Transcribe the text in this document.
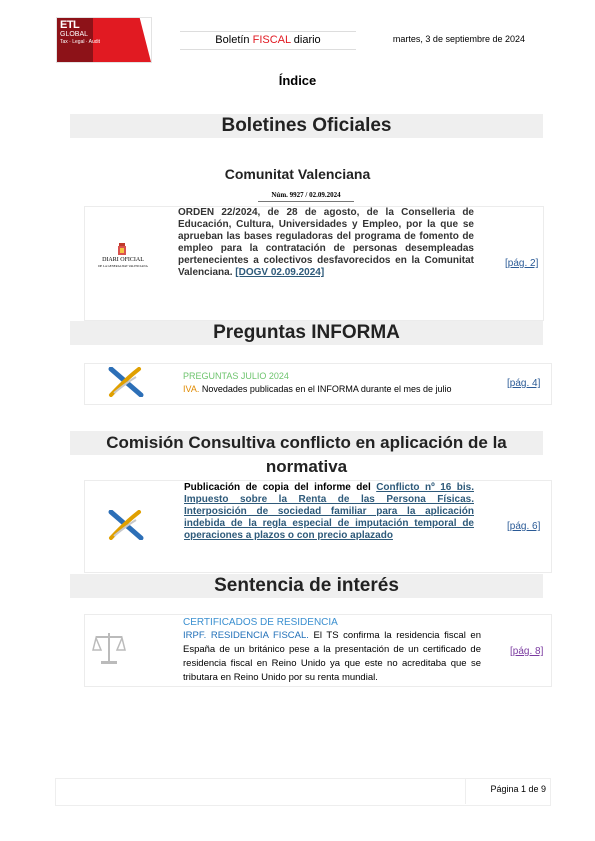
ETL
GLOBAL
Tax · Legal · Audit	Boletín FISCAL diario	martes, 3 de septiembre de 2024
Índice
Boletines Oficiales
Comunitat Valenciana
Núm. 9927 / 02.09.2024
DIARI OFICIAL
DE LA GENERALITAT VALENCIANA
ORDEN 22/2024, de 28 de agosto, de la Conselleria de Educación, Cultura, Universidades y Empleo, por la que se aprueban las bases reguladoras del programa de fomento de empleo para la contratación de personas desempleadas pertenecientes a colectivos desfavorecidos en la Comunitat Valenciana. [DOGV 02.09.2024]
[pág. 2]
Preguntas INFORMA
PREGUNTAS JULIO 2024
IVA. Novedades publicadas en el INFORMA durante el mes de julio	[pág. 4]
Comisión Consultiva conflicto en aplicación de la normativa
Publicación de copia del informe del Conflicto nº 16 bis. Impuesto sobre la Renta de las Persona Físicas. Interposición de sociedad familiar para la aplicación indebida de la regla especial de imputación temporal de operaciones a plazos o con precio aplazado
[pág. 6]
Sentencia de interés
CERTIFICADOS DE RESIDENCIA
IRPF. RESIDENCIA FISCAL. El TS confirma la residencia fiscal en España de un británico pese a la presentación de un certificado de residencia fiscal en Reino Unido ya que este no acreditaba que se tributara en Reino Unido por su renta mundial.
[pág. 8]
Página 1 de 9
